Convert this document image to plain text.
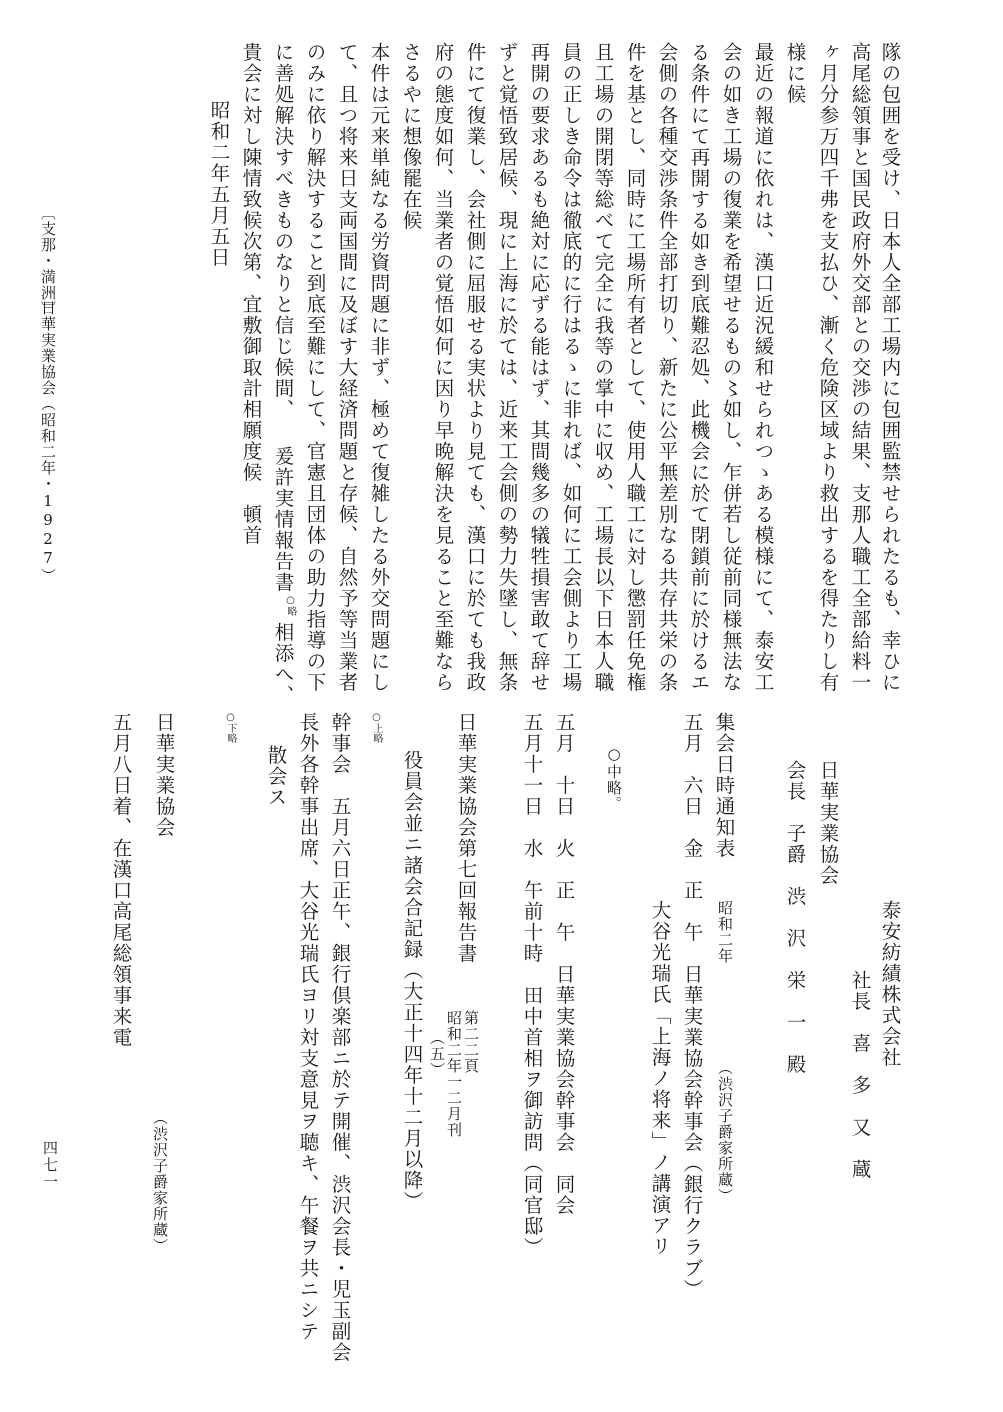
隊の包囲を受け、日本人全部工場内に包囲監禁せられたるも、幸ひに
高尾総領事と国民政府外交部との交渉の結果、支那人職工全部給料一
ヶ月分参万四千弗を支払ひ、漸く危険区域より救出するを得たりし有
様に候
最近の報道に依れは、漢口近況緩和せられつゝある模様にて、泰安工
会の如き工場の復業を希望せるもの〻如し、乍併若し従前同様無法な
る条件にて再開する如き到底難忍処、此機会に於て閉鎖前に於けるエ
会側の各種交渉条件全部打切り、新たに公平無差別なる共存共栄の条
件を基とし、同時に工場所有者として、使用人職工に対し懲罰任免権
且工場の開閉等総べて完全に我等の掌中に収め、工場長以下日本人職
員の正しき命令は徹底的に行はるゝに非れば、如何に工会側より工場
再開の要求あるも絶対に応ずる能はず、其間幾多の犠牲損害敢て辞せ
ずと覚悟致居候、現に上海に於ては、近来工会側の勢力失墜し、無条
件にて復業し、会社側に屈服せる実状より見ても、漢口に於ても我政
府の態度如何、当業者の覚悟如何に因り早晩解決を見ること至難なら
さるやに想像罷在候
本件は元来単純なる労資問題に非ず、極めて復雑したる外交問題にし
て、且つ将来日支両国間に及ぼす大経済問題と存候、自然予等当業者
のみに依り解決すること到底至難にして、官憲且団体の助力指導の下
に善処解決すべきものなりと信じ候間、
爰許実情報告書
○略
相添へ、
貴会に対し陳情致候次第、宜敷御取計相願度候　頓首
昭和二年五月五日
泰安紡績株式会社
社長　喜　多　又　蔵
日華実業協会
会長　子爵　渋　沢　栄　一　殿
（渋沢子爵家所蔵）
集会日時通知表
昭和二年
五月　六日　金　正　午　日華実業協会幹事会（銀行クラブ）
大谷光瑞氏「上海ノ将来」ノ講演アリ
○中略。
五月　十日　火　正　午　日華実業協会幹事会　同会
五月十一日　水　午前十時　田中首相ヲ御訪問（同官邸）
日華実業協会第七回報告書
第二二頁
昭和二年一二月刊
（五）
役員会並ニ諸会合記録（大正十四年十二月以降）
○上略
幹事会　五月六日正午、銀行倶楽部ニ於テ開催、渋沢会長・児玉副会
長外各幹事出席、大谷光瑞氏ヨリ対支意見ヲ聴キ、午餐ヲ共ニシテ
散会ス
○下略
日華実業協会
（渋沢子爵家所蔵）
五月八日着、在漢口高尾総領事来電
〔支那・満洲〕
日華実業協会（昭和二年・1927）
四七一
